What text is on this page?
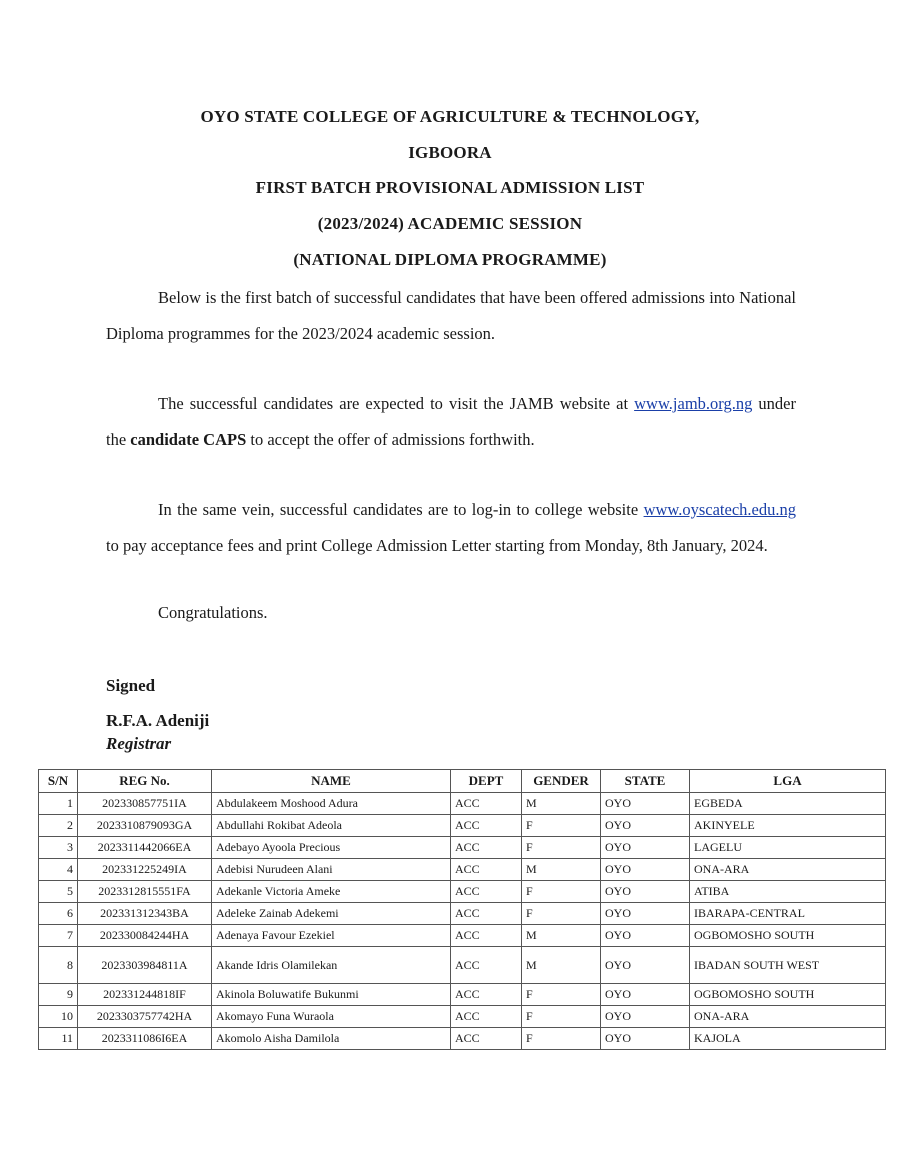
OYO STATE COLLEGE OF AGRICULTURE & TECHNOLOGY,
IGBOORA
FIRST BATCH PROVISIONAL ADMISSION LIST
(2023/2024) ACADEMIC SESSION
(NATIONAL DIPLOMA PROGRAMME)
Below is the first batch of successful candidates that have been offered admissions into National Diploma programmes for the 2023/2024 academic session.
The successful candidates are expected to visit the JAMB website at www.jamb.org.ng under the candidate CAPS to accept the offer of admissions forthwith.
In the same vein, successful candidates are to log-in to college website www.oyscatech.edu.ng to pay acceptance fees and print College Admission Letter starting from Monday, 8th January, 2024.
Congratulations.
Signed
R.F.A. Adeniji
Registrar
S/N	REG No.	NAME	DEPT	GENDER	STATE	LGA
1	202330857751IA	Abdulakeem Moshood Adura	ACC	M	OYO	EGBEDA
2	2023310879093GA	Abdullahi Rokibat Adeola	ACC	F	OYO	AKINYELE
3	2023311442066EA	Adebayo Ayoola Precious	ACC	F	OYO	LAGELU
4	202331225249IA	Adebisi Nurudeen Alani	ACC	M	OYO	ONA-ARA
5	2023312815551FA	Adekanle Victoria Ameke	ACC	F	OYO	ATIBA
6	202331312343BA	Adeleke Zainab Adekemi	ACC	F	OYO	IBARAPA-CENTRAL
7	202330084244HA	Adenaya Favour Ezekiel	ACC	M	OYO	OGBOMOSHO SOUTH
8	2023303984811A	Akande Idris Olamilekan	ACC	M	OYO	IBADAN SOUTH WEST
9	202331244818IF	Akinola Boluwatife Bukunmi	ACC	F	OYO	OGBOMOSHO SOUTH
10	2023303757742HA	Akomayo Funa Wuraola	ACC	F	OYO	ONA-ARA
11	2023311086I6EA	Akomolo Aisha Damilola	ACC	F	OYO	KAJOLA
